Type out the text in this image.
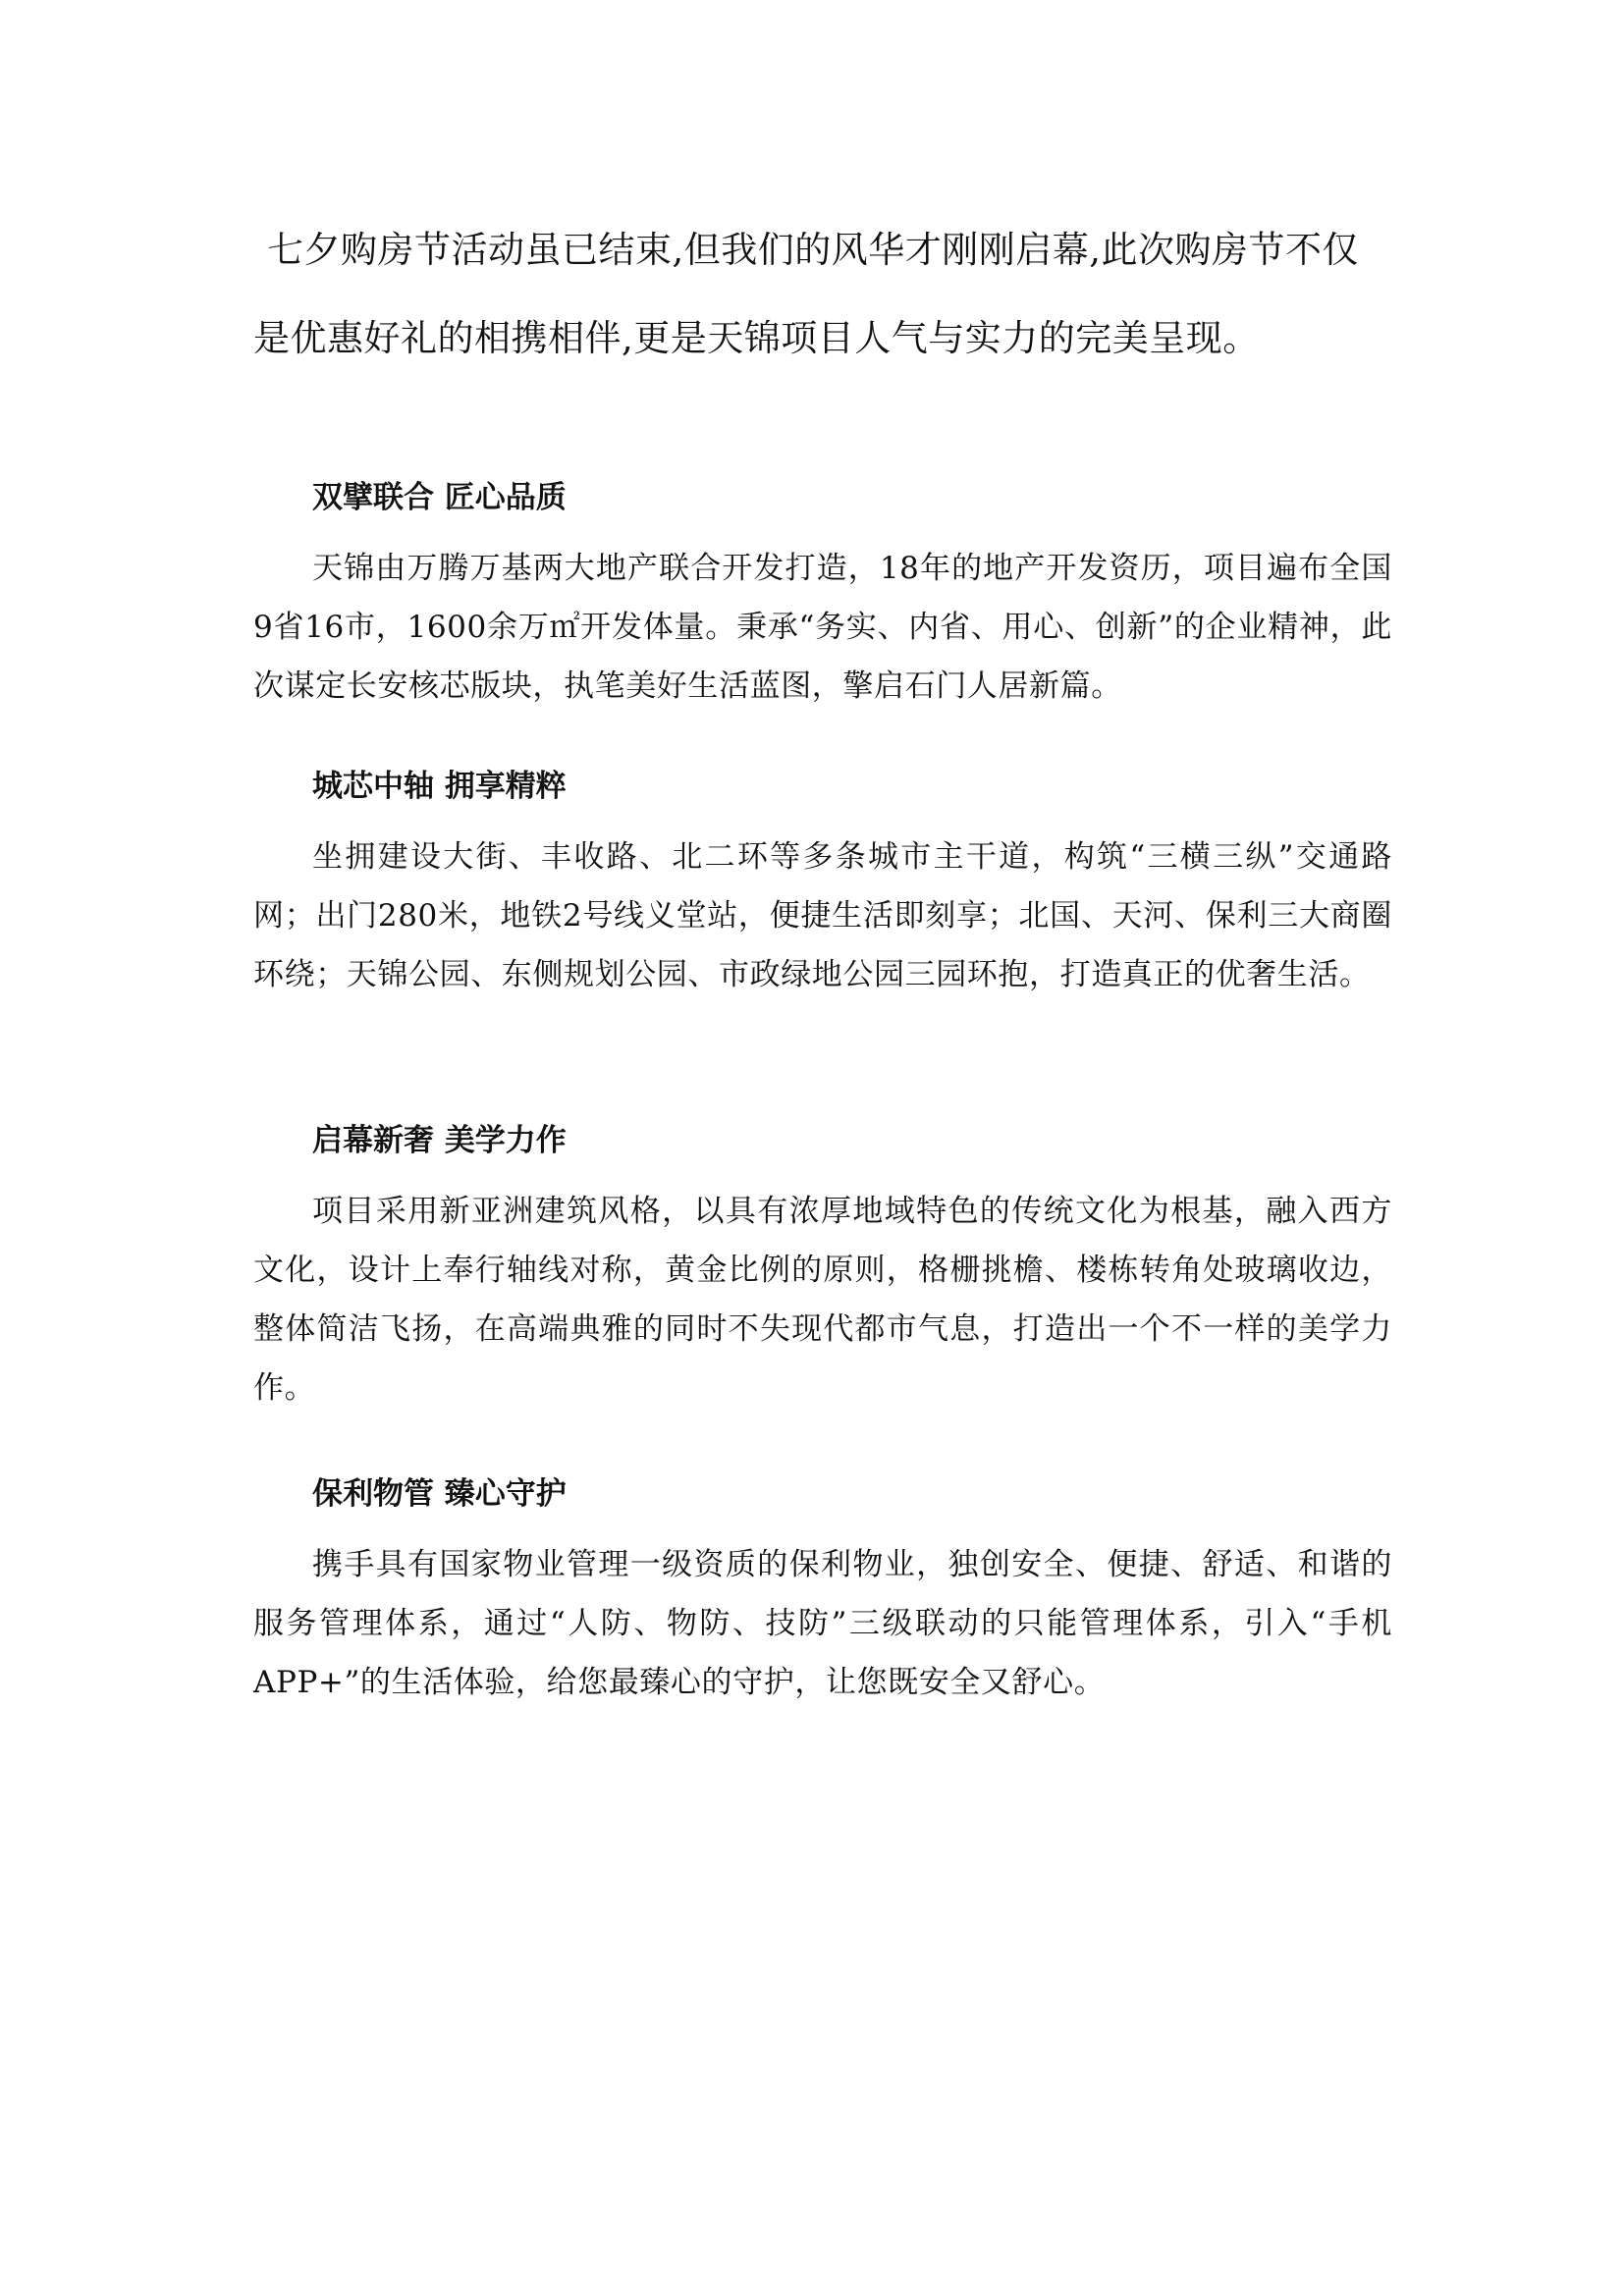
七夕购房节活动虽已结束,但我们的风华才刚刚启幕,此次购房节不仅是优惠好礼的相携相伴,更是天锦项目人气与实力的完美呈现。

双擘联合 匠心品质

天锦由万腾万基两大地产联合开发打造，18年的地产开发资历，项目遍布全国9省16市，1600余万㎡开发体量。秉承“务实、内省、用心、创新”的企业精神，此次谋定长安核芯版块，执笔美好生活蓝图，擎启石门人居新篇。

城芯中轴 拥享精粹

坐拥建设大街、丰收路、北二环等多条城市主干道，构筑“三横三纵”交通路网；出门280米，地铁2号线义堂站，便捷生活即刻享；北国、天河、保利三大商圈环绕；天锦公园、东侧规划公园、市政绿地公园三园环抱，打造真正的优奢生活。

启幕新奢 美学力作

项目采用新亚洲建筑风格，以具有浓厚地域特色的传统文化为根基，融入西方文化，设计上奉行轴线对称，黄金比例的原则，格栅挑檐、楼栋转角处玻璃收边，整体简洁飞扬，在高端典雅的同时不失现代都市气息，打造出一个不一样的美学力作。

保利物管 臻心守护

携手具有国家物业管理一级资质的保利物业，独创安全、便捷、舒适、和谐的服务管理体系，通过“人防、物防、技防”三级联动的只能管理体系，引入“手机APP+”的生活体验，给您最臻心的守护，让您既安全又舒心。
